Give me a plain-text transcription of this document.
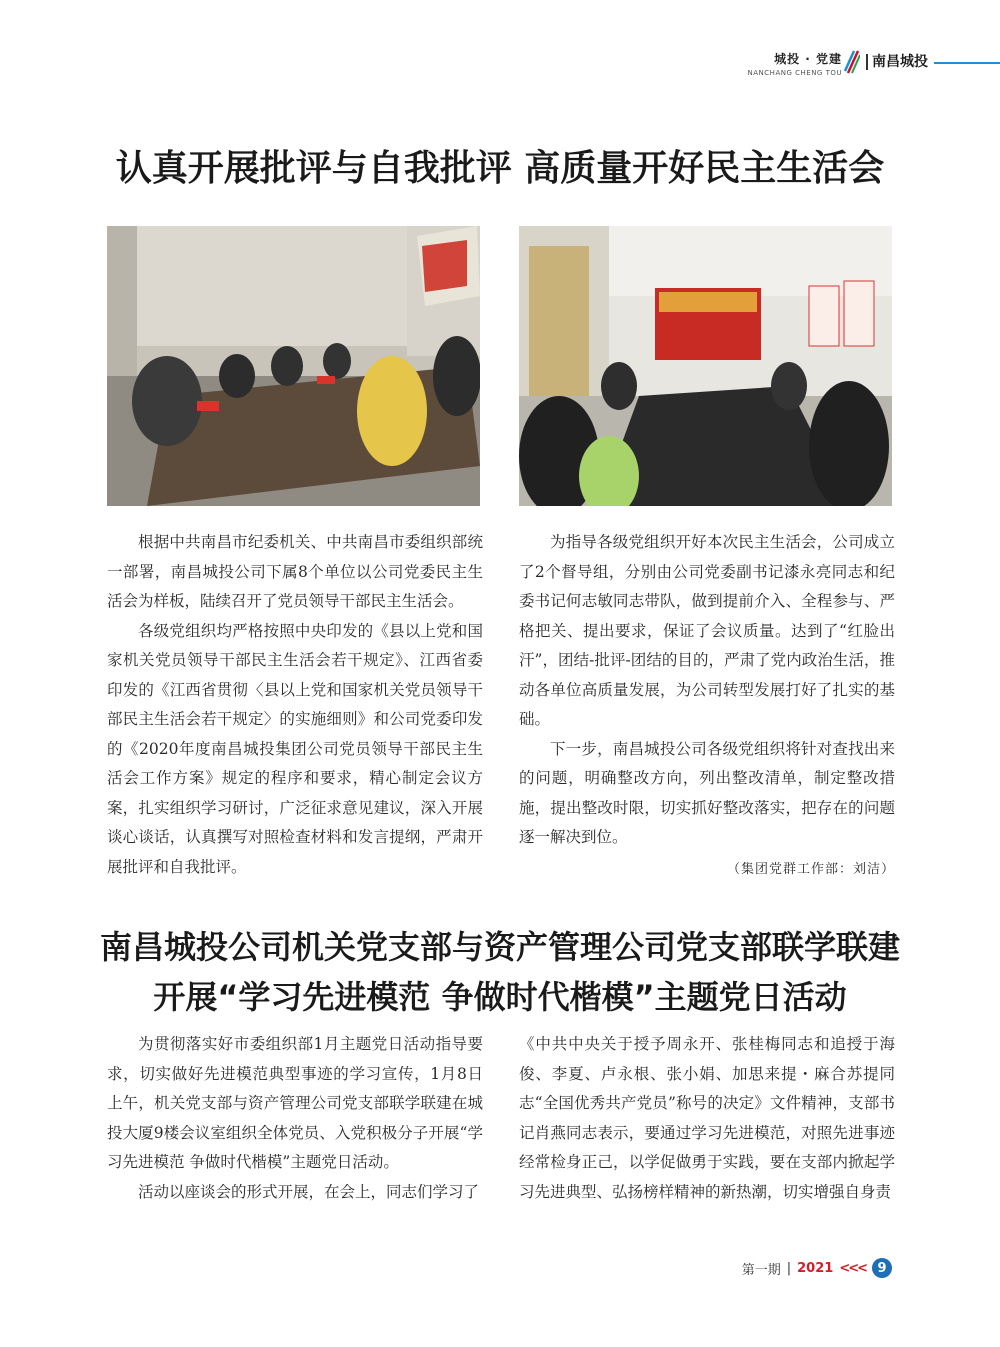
城投 · 党建
NANCHANG CHENG TOU
南昌城投
认真开展批评与自我批评 高质量开好民主生活会

根据中共南昌市纪委机关、中共南昌市委组织部统一部署，南昌城投公司下属8个单位以公司党委民主生活会为样板，陆续召开了党员领导干部民主生活会。

各级党组织均严格按照中央印发的《县以上党和国家机关党员领导干部民主生活会若干规定》、江西省委印发的《江西省贯彻〈县以上党和国家机关党员领导干部民主生活会若干规定〉的实施细则》和公司党委印发的《2020年度南昌城投集团公司党员领导干部民主生活会工作方案》规定的程序和要求，精心制定会议方案，扎实组织学习研讨，广泛征求意见建议，深入开展谈心谈话，认真撰写对照检查材料和发言提纲，严肃开展批评和自我批评。

为指导各级党组织开好本次民主生活会，公司成立了2个督导组，分别由公司党委副书记漆永亮同志和纪委书记何志敏同志带队，做到提前介入、全程参与、严格把关、提出要求，保证了会议质量。达到了“红脸出汗”，团结-批评-团结的目的，严肃了党内政治生活，推动各单位高质量发展，为公司转型发展打好了扎实的基础。

下一步，南昌城投公司各级党组织将针对查找出来的问题，明确整改方向，列出整改清单，制定整改措施，提出整改时限，切实抓好整改落实，把存在的问题逐一解决到位。

（集团党群工作部：刘洁）

南昌城投公司机关党支部与资产管理公司党支部联学联建
开展“学习先进模范 争做时代楷模”主题党日活动

为贯彻落实好市委组织部1月主题党日活动指导要求，切实做好先进模范典型事迹的学习宣传，1月8日上午，机关党支部与资产管理公司党支部联学联建在城投大厦9楼会议室组织全体党员、入党积极分子开展“学习先进模范 争做时代楷模”主题党日活动。

活动以座谈会的形式开展，在会上，同志们学习了

《中共中央关于授予周永开、张桂梅同志和追授于海俊、李夏、卢永根、张小娟、加思来提・麻合苏提同志“全国优秀共产党员”称号的决定》文件精神，支部书记肖燕同志表示，要通过学习先进模范，对照先进事迹经常检身正己，以学促做勇于实践，要在支部内掀起学习先进典型、弘扬榜样精神的新热潮，切实增强自身责

第一期 | 2021 <<< 9
